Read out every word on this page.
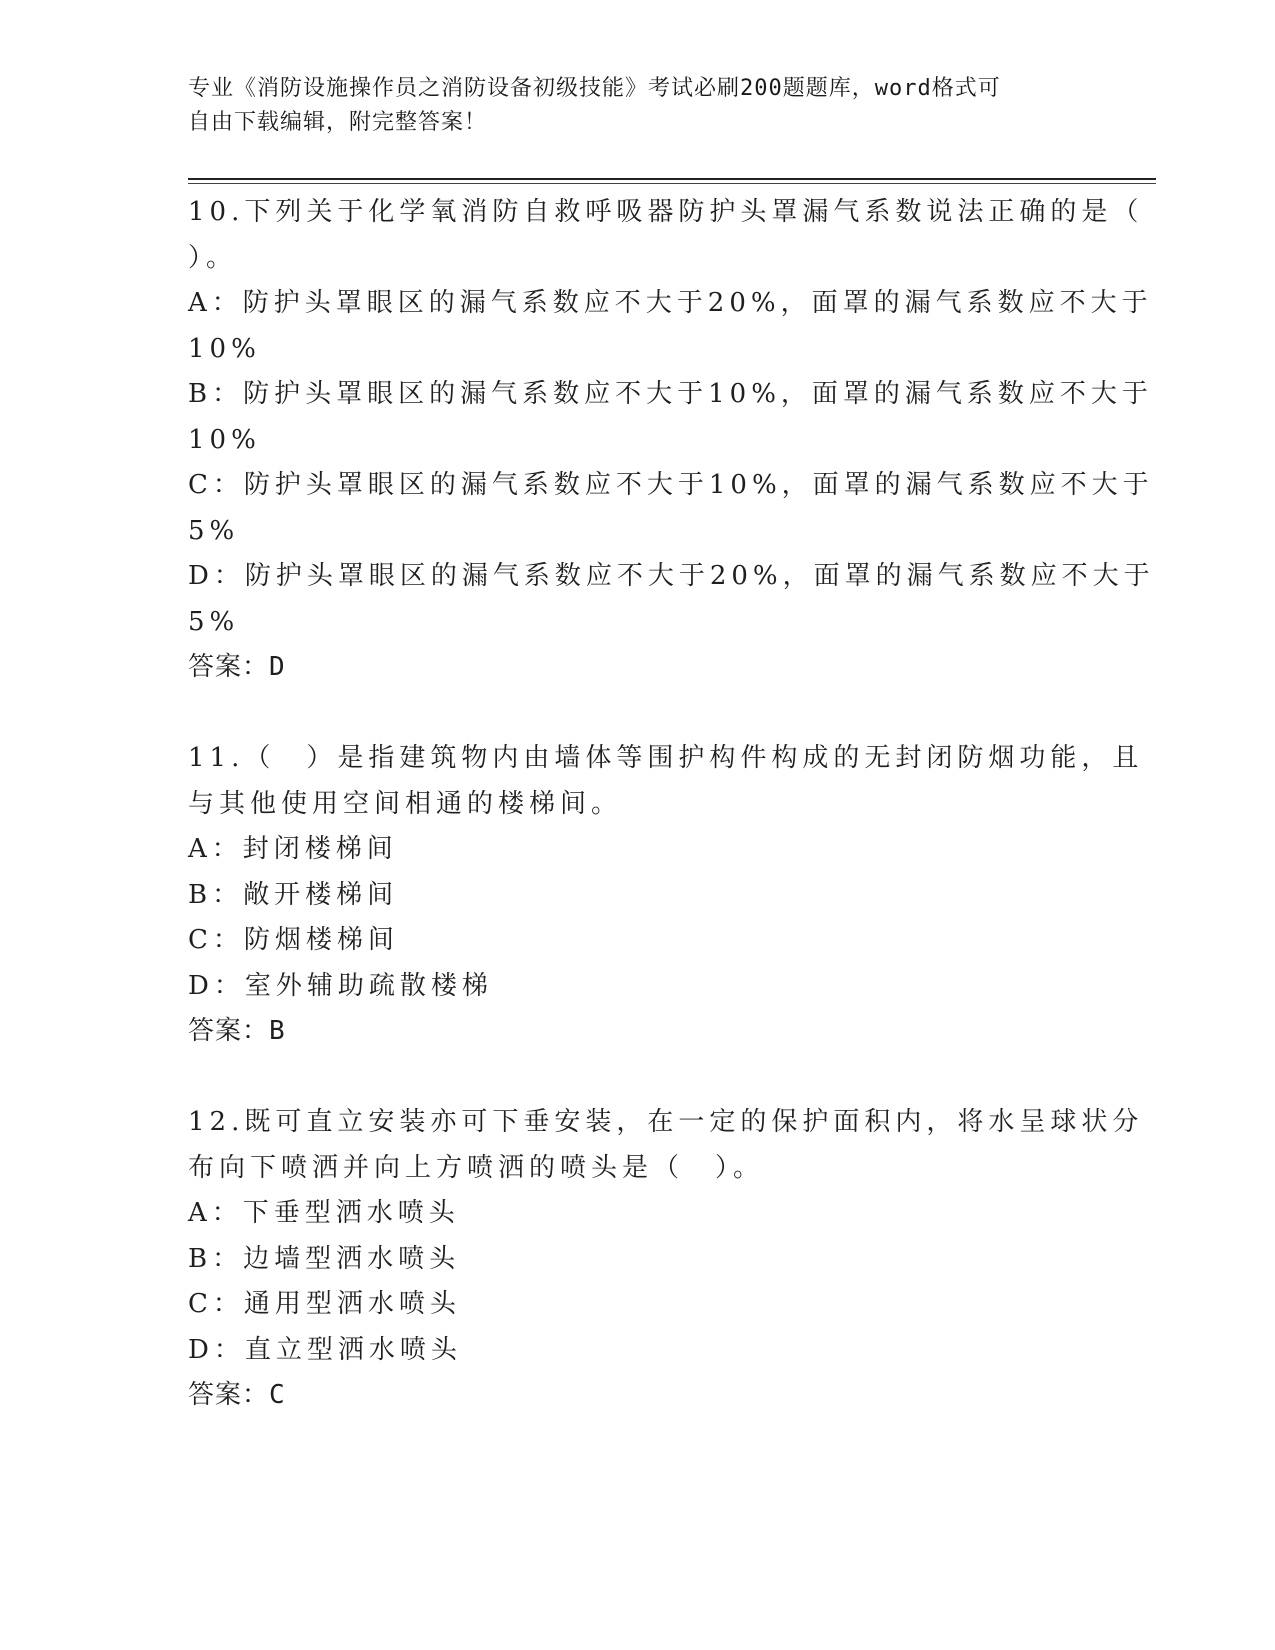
专业《消防设施操作员之消防设备初级技能》考试必刷200题题库，word格式可
自由下载编辑，附完整答案！
10.下列关于化学氧消防自救呼吸器防护头罩漏气系数说法正确的是（
）。
A：防护头罩眼区的漏气系数应不大于20%，面罩的漏气系数应不大于
10%
B：防护头罩眼区的漏气系数应不大于10%，面罩的漏气系数应不大于
10%
C：防护头罩眼区的漏气系数应不大于10%，面罩的漏气系数应不大于
5%
D：防护头罩眼区的漏气系数应不大于20%，面罩的漏气系数应不大于
5%
答案：D
11.（　）是指建筑物内由墙体等围护构件构成的无封闭防烟功能，且
与其他使用空间相通的楼梯间。
A：封闭楼梯间
B：敞开楼梯间
C：防烟楼梯间
D：室外辅助疏散楼梯
答案：B
12.既可直立安装亦可下垂安装，在一定的保护面积内，将水呈球状分
布向下喷洒并向上方喷洒的喷头是（　）。
A：下垂型洒水喷头
B：边墙型洒水喷头
C：通用型洒水喷头
D：直立型洒水喷头
答案：C
